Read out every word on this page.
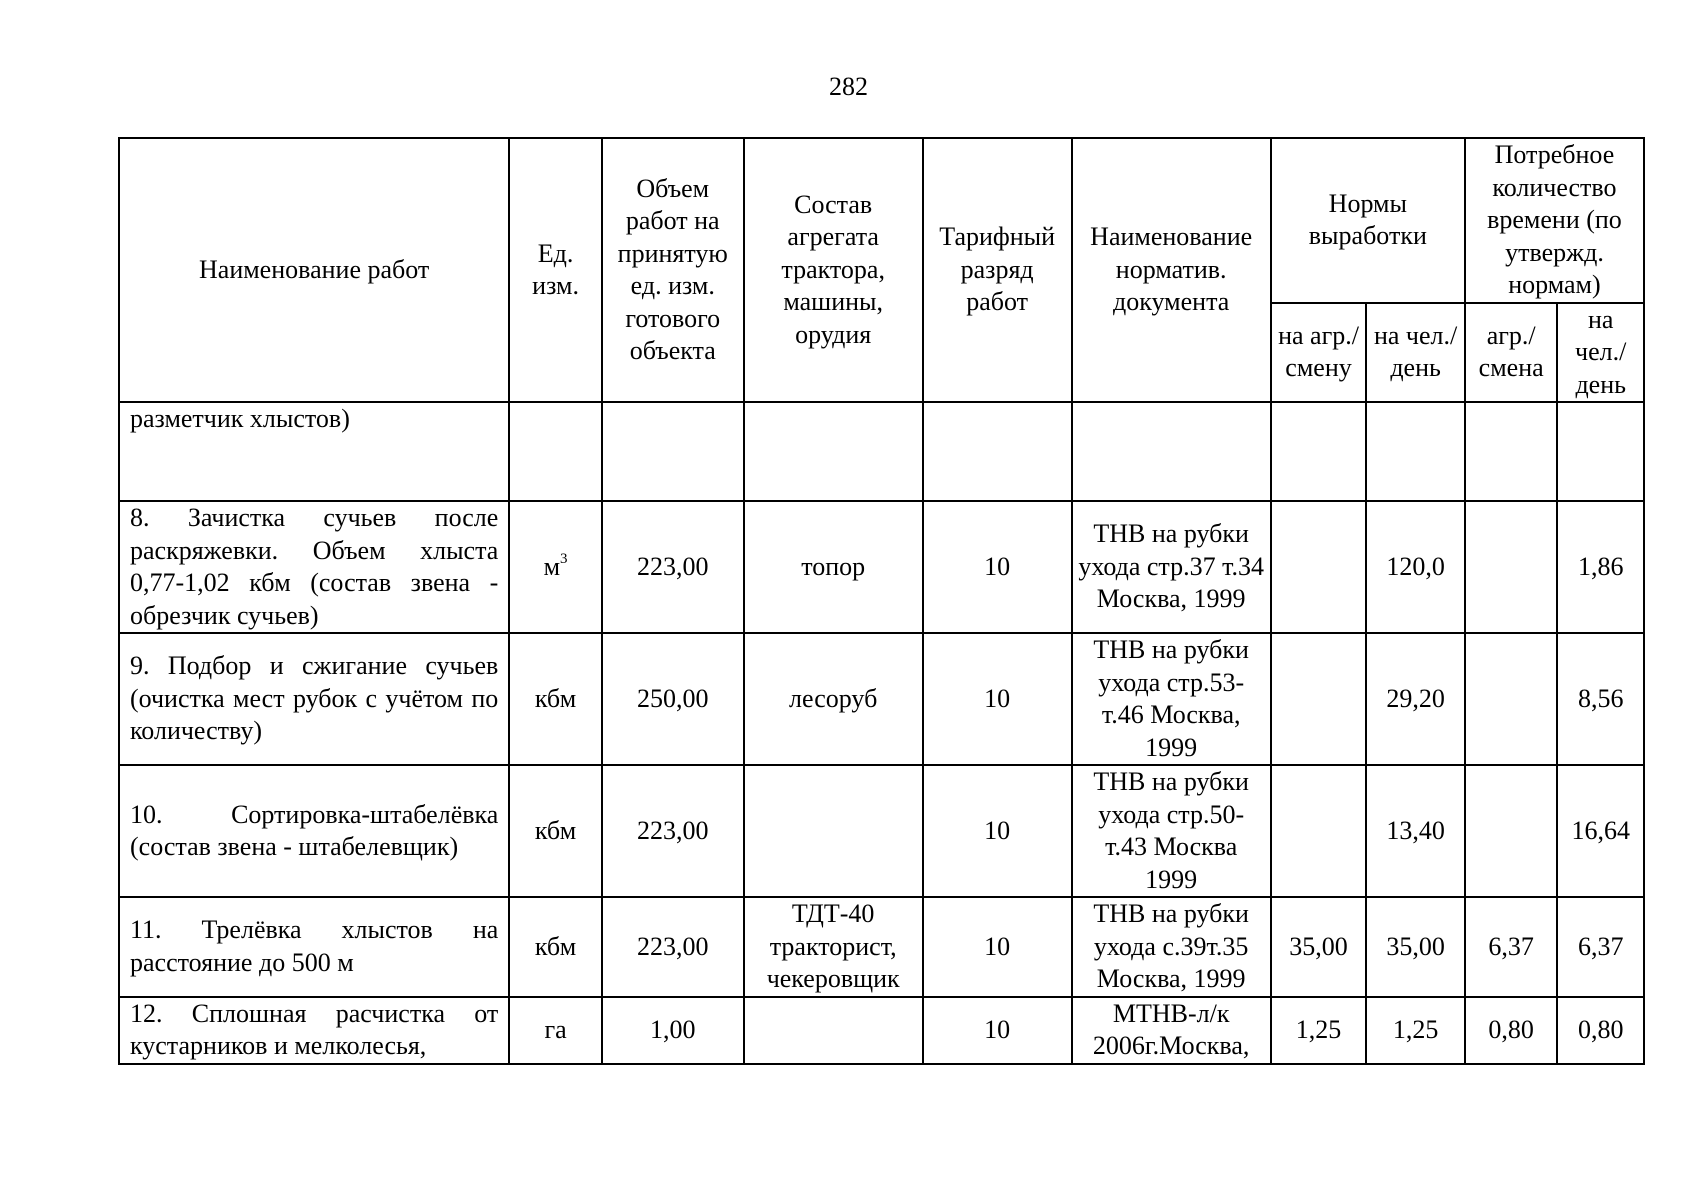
282
Наименование работ	Ед. изм.	Объем работ на принятую ед. изм. готового объекта	Состав агрегата трактора, машины, орудия	Тарифный разряд работ	Наименование норматив. документа	Нормы выработки		Потребное количество времени (по утвержд. нормам)	
						на агр./ смену	на чел./ день	агр./ смена	на чел./ день
разметчик хлыстов)									
8. Зачистка сучьев после раскряжевки. Объем хлыста 0,77-1,02 кбм (состав звена - обрезчик сучьев)	$м^3$	223,00	топор	10	ТНВ на рубки ухода стр.37 т.34 Москва, 1999		120,0		1,86
9. Подбор и сжигание сучьев (очистка мест рубок с учётом по количеству)	кбм	250,00	лесоруб	10	ТНВ на рубки ухода стр.53- т.46 Москва, 1999		29,20		8,56
10. Сортировка-штабелёвка (состав звена - штабелевщик)	кбм	223,00		10	ТНВ на рубки ухода стр.50- т.43 Москва 1999		13,40		16,64
11. Трелёвка хлыстов на расстояние до 500 м	кбм	223,00	ТДТ-40 тракторист, чекеровщик	10	ТНВ на рубки ухода с.39т.35 Москва, 1999	35,00	35,00	6,37	6,37
12. Сплошная расчистка от кустарников и мелколесья,	га	1,00		10	МТНВ-л/к 2006г.Москва,	1,25	1,25	0,80	0,80
